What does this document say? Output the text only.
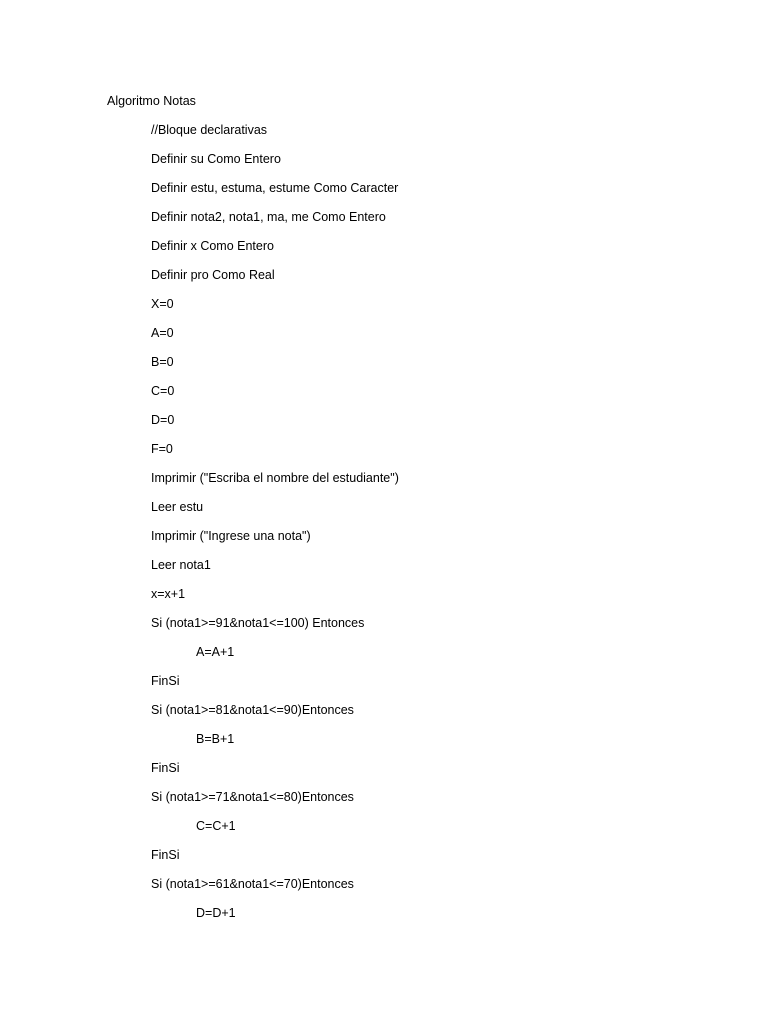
Algoritmo Notas
//Bloque declarativas
Definir su Como Entero
Definir estu, estuma, estume Como Caracter
Definir nota2, nota1, ma, me Como Entero
Definir x Como Entero
Definir pro Como Real
X=0
A=0
B=0
C=0
D=0
F=0
Imprimir ("Escriba el nombre del estudiante")
Leer estu
Imprimir ("Ingrese una nota")
Leer nota1
x=x+1
Si (nota1>=91&nota1<=100) Entonces
A=A+1
FinSi
Si (nota1>=81&nota1<=90)Entonces
B=B+1
FinSi
Si (nota1>=71&nota1<=80)Entonces
C=C+1
FinSi
Si (nota1>=61&nota1<=70)Entonces
D=D+1
